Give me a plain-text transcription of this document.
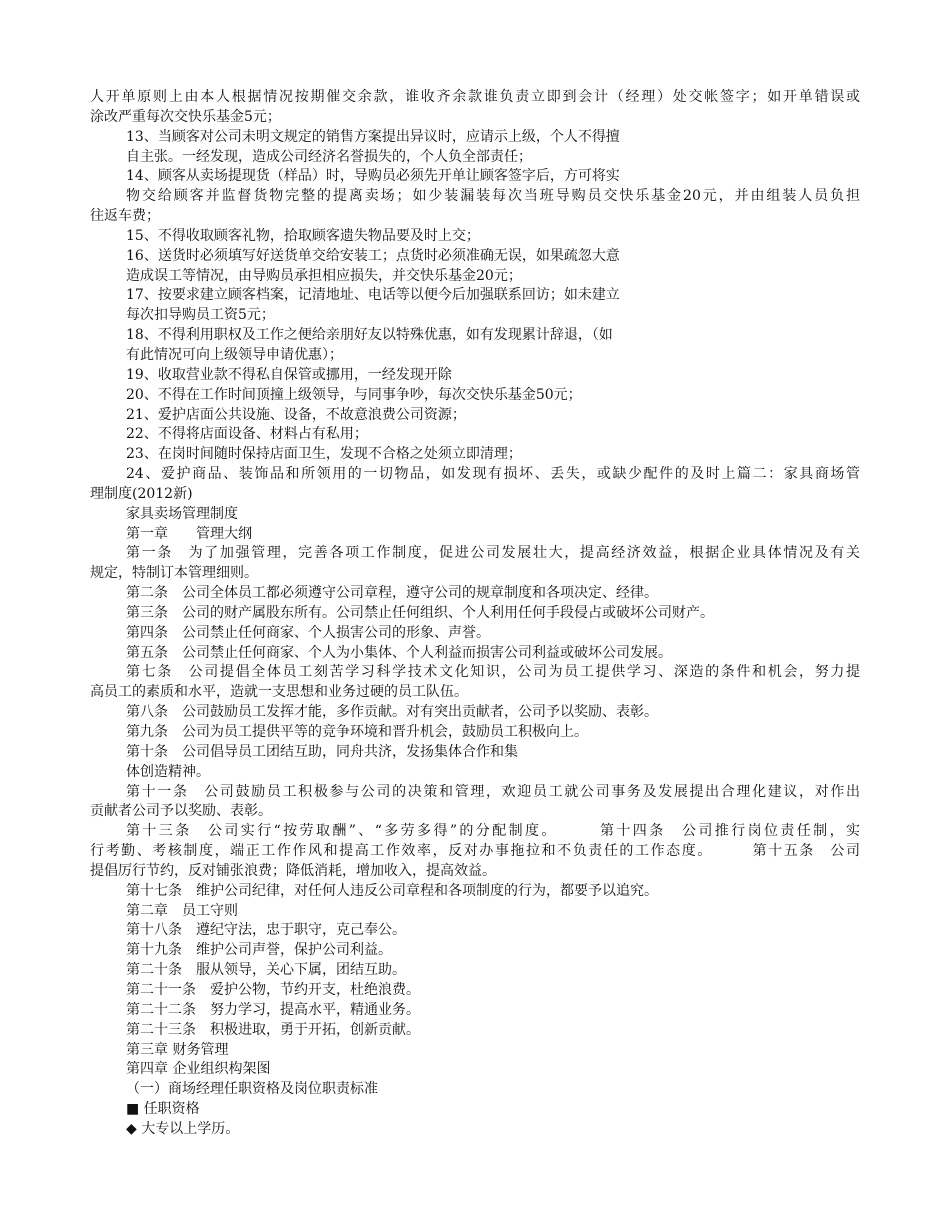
人开单原则上由本人根据情况按期催交余款，谁收齐余款谁负责立即到会计（经理）处交帐签字；如开单错误或
涂改严重每次交快乐基金5元；
13、当顾客对公司未明文规定的销售方案提出异议时，应请示上级，个人不得擅
自主张。一经发现，造成公司经济名誉损失的，个人负全部责任；
14、顾客从卖场提现货（样品）时，导购员必须先开单让顾客签字后，方可将实
物交给顾客并监督货物完整的提离卖场；如少装漏装每次当班导购员交快乐基金20元，并由组装人员负担
往返车费；
15、不得收取顾客礼物，拾取顾客遗失物品要及时上交；
16、送货时必须填写好送货单交给安装工；点货时必须准确无误，如果疏忽大意
造成误工等情况，由导购员承担相应损失，并交快乐基金20元；
17、按要求建立顾客档案，记清地址、电话等以便今后加强联系回访；如未建立
每次扣导购员工资5元；
18、不得利用职权及工作之便给亲朋好友以特殊优惠，如有发现累计辞退，（如
有此情况可向上级领导申请优惠）；
19、收取营业款不得私自保管或挪用，一经发现开除
20、不得在工作时间顶撞上级领导，与同事争吵，每次交快乐基金50元；
21、爱护店面公共设施、设备，不故意浪费公司资源；
22、不得将店面设备、材料占有私用；
23、在岗时间随时保持店面卫生，发现不合格之处须立即清理；
24、爱护商品、装饰品和所领用的一切物品，如发现有损坏、丢失，或缺少配件的及时上篇二：家具商场管
理制度(2012新)
家具卖场管理制度
第一章　　管理大纲
第一条　为了加强管理，完善各项工作制度，促进公司发展壮大，提高经济效益，根据企业具体情况及有关
规定，特制订本管理细则。
第二条　公司全体员工都必须遵守公司章程，遵守公司的规章制度和各项决定、经律。
第三条　公司的财产属股东所有。公司禁止任何组织、个人利用任何手段侵占或破坏公司财产。
第四条　公司禁止任何商家、个人损害公司的形象、声誉。
第五条　公司禁止任何商家、个人为小集体、个人利益而损害公司利益或破坏公司发展。
第七条　公司提倡全体员工刻苦学习科学技术文化知识，公司为员工提供学习、深造的条件和机会，努力提
高员工的素质和水平，造就一支思想和业务过硬的员工队伍。
第八条　公司鼓励员工发挥才能，多作贡献。对有突出贡献者，公司予以奖励、表彰。
第九条　公司为员工提供平等的竞争环境和晋升机会，鼓励员工积极向上。
第十条　公司倡导员工团结互助，同舟共济，发扬集体合作和集
体创造精神。
第十一条　公司鼓励员工积极参与公司的决策和管理，欢迎员工就公司事务及发展提出合理化建议，对作出
贡献者公司予以奖励、表彰。
第十三条　公司实行“按劳取酬”、“多劳多得”的分配制度。　　　第十四条　公司推行岗位责任制，实
行考勤、考核制度，端正工作作风和提高工作效率，反对办事拖拉和不负责任的工作态度。　　　第十五条　公司
提倡厉行节约，反对铺张浪费；降低消耗，增加收入，提高效益。
第十七条　维护公司纪律，对任何人违反公司章程和各项制度的行为，都要予以追究。
第二章　员工守则
第十八条　遵纪守法，忠于职守，克己奉公。
第十九条　维护公司声誉，保护公司利益。
第二十条　服从领导，关心下属，团结互助。
第二十一条　爱护公物，节约开支，杜绝浪费。
第二十二条　努力学习，提高水平，精通业务。
第二十三条　积极进取，勇于开拓，创新贡献。
第三章 财务管理
第四章 企业组织构架图
（一）商场经理任职资格及岗位职责标准
■ 任职资格
◆ 大专以上学历。
